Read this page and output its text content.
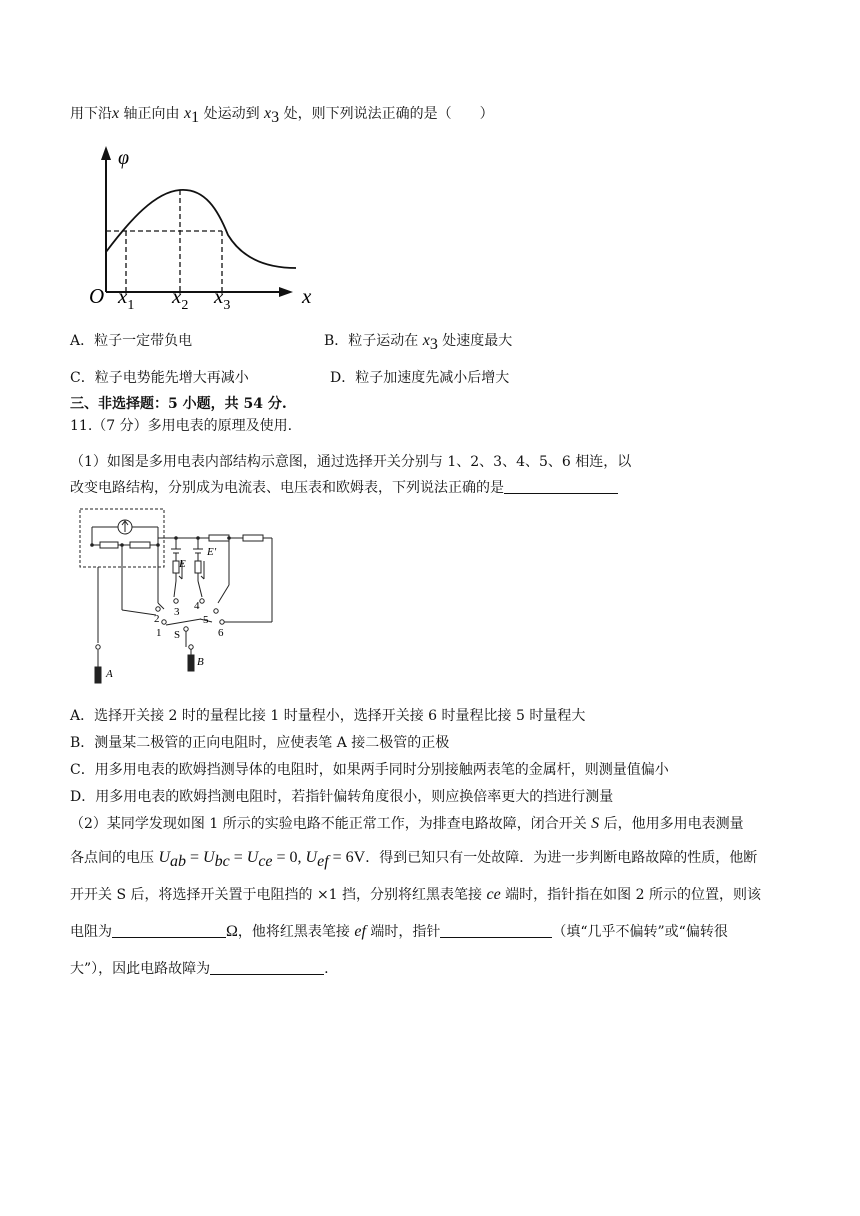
用下沿x 轴正向由 $x_1$ 处运动到 $x_3$ 处，则下列说法正确的是（　　）
φ
O $x_1$ $x_2$ $x_3$	x
A．粒子一定带负电	B．粒子运动在 $x_3$ 处速度最大
C．粒子电势能先增大再减小	D．粒子加速度先减小后增大
三、非选择题：5 小题，共 54 分.
11.（7 分）多用电表的原理及使用.
（1）如图是多用电表内部结构示意图，通过选择开关分别与 1、2、3、4、5、6 相连，以
改变电路结构，分别成为电流表、电压表和欧姆表，下列说法正确的是
E
E′
2
1
3 4
5
6
S
A
B
A．选择开关接 2 时的量程比接 1 时量程小，选择开关接 6 时量程比接 5 时量程大
B．测量某二极管的正向电阻时，应使表笔 A 接二极管的正极
C．用多用电表的欧姆挡测导体的电阻时，如果两手同时分别接触两表笔的金属杆，则测量值偏小
D．用多用电表的欧姆挡测电阻时，若指针偏转角度很小，则应换倍率更大的挡进行测量
（2）某同学发现如图 1 所示的实验电路不能正常工作，为排查电路故障，闭合开关 S 后，他用多用电表测量
各点间的电压 $U_{ab} = U_{bc} = U_{ce} = 0$, $U_{ef} = 6V$．得到已知只有一处故障．为进一步判断电路故障的性质，他断
开开关 S 后，将选择开关置于电阻挡的 ×1 挡，分别将红黑表笔接 ce 端时，指针指在如图 2 所示的位置，则该
电阻为	Ω，他将红黑表笔接 ef 端时，指针	（填“几乎不偏转”或“偏转很
大”），因此电路故障为	.
